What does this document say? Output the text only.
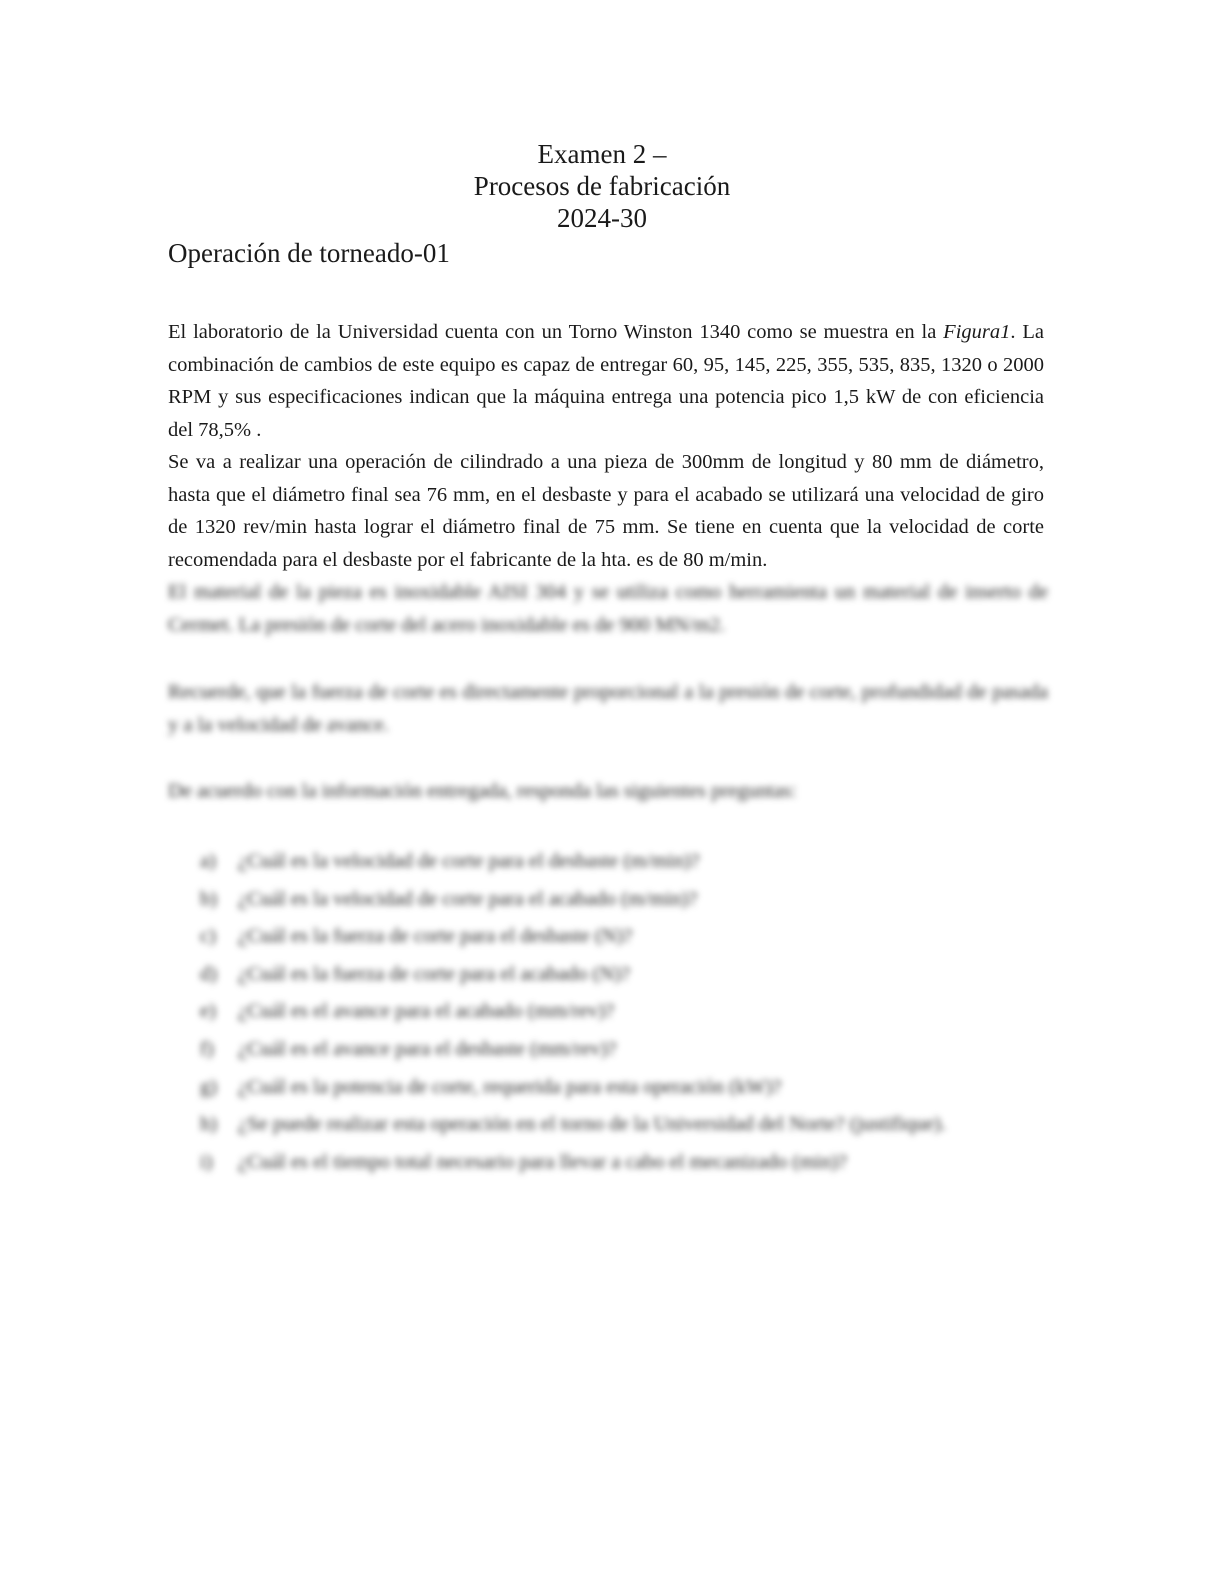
Examen 2 –
Procesos de fabricación
2024-30
Operación de torneado-01
El laboratorio de la Universidad cuenta con un Torno Winston 1340 como se muestra en la Figura1. La combinación de cambios de este equipo es capaz de entregar 60, 95, 145, 225, 355, 535, 835, 1320 o 2000 RPM y sus especificaciones indican que la máquina entrega una potencia pico 1,5 kW de con eficiencia del 78,5% .
Se va a realizar una operación de cilindrado a una pieza de 300mm de longitud y 80 mm de diámetro, hasta que el diámetro final sea 76 mm, en el desbaste y para el acabado se utilizará una velocidad de giro de 1320 rev/min hasta lograr el diámetro final de 75 mm. Se tiene en cuenta que la velocidad de corte recomendada para el desbaste por el fabricante de la hta. es de 80 m/min.
El material de la pieza es inoxidable AISI 304 y se utiliza como herramienta un material de inserto de Cermet. La presión de corte del acero inoxidable es de 900 MN/m2.
Recuerde, que la fuerza de corte es directamente proporcional a la presión de corte, profundidad de pasada y a la velocidad de avance.
De acuerdo con la información entregada, responda las siguientes preguntas:
a)	¿Cuál es la velocidad de corte para el desbaste (m/min)?
b)	¿Cuál es la velocidad de corte para el acabado (m/min)?
c)	¿Cuál es la fuerza de corte para el desbaste (N)?
d)	¿Cuál es la fuerza de corte para el acabado (N)?
e)	¿Cuál es el avance para el acabado (mm/rev)?
f)	¿Cuál es el avance para el desbaste (mm/rev)?
g)	¿Cuál es la potencia de corte, requerida para esta operación (kW)?
h)	¿Se puede realizar esta operación en el torno de la Universidad del Norte? (justifique).
i)	¿Cuál es el tiempo total necesario para llevar a cabo el mecanizado (min)?
